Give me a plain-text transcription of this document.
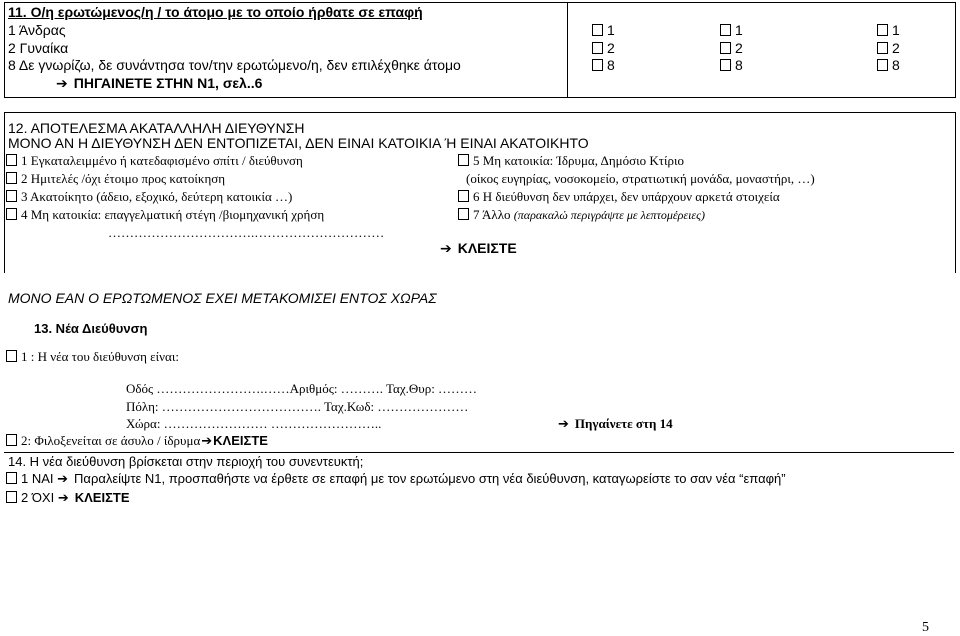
11. Ο/η ερωτώμενος/η / το άτομο με το οποίο ήρθατε σε επαφή
1 Άνδρας
2 Γυναίκα
8 Δε γνωρίζω, δε συνάντησα τον/την ερωτώμενο/η, δεν επιλέχθηκε άτομο
➔ ΠΗΓΑΙΝΕΤΕ ΣΤΗΝ Ν1, σελ..6
1
2
8
1
2
8
1
2
8
12. ΑΠΟΤΕΛΕΣΜΑ ΑΚΑΤΑΛΛΗΛΗ ΔΙΕΥΘΥΝΣΗ
ΜΟΝΟ ΑΝ Η ΔΙΕΥΘΥΝΣΗ ΔΕΝ ΕΝΤΟΠΙΖΕΤΑΙ, ΔΕΝ ΕΙΝΑΙ ΚΑΤΟΙΚΙΑ Ή ΕΙΝΑΙ ΑΚΑΤΟΙΚΗΤΟ
1 Εγκαταλειμμένο ή κατεδαφισμένο σπίτι / διεύθυνση
2 Ημιτελές /όχι έτοιμο προς κατοίκηση
3 Ακατοίκητο (άδειο, εξοχικό, δεύτερη κατοικία …)
4 Μη κατοικία: επαγγελματική στέγη /βιομηχανική χρήση
5 Μη κατοικία: Ίδρυμα, Δημόσιο Κτίριο
(οίκος ευγηρίας, νοσοκομείο, στρατιωτική μονάδα, μοναστήρι, …)
6 Η διεύθυνση δεν υπάρχει, δεν υπάρχουν αρκετά στοιχεία
7 Άλλο (παρακαλώ περιγράψτε με λεπτομέρειες)
…………………………….…………………………
➔ ΚΛΕΙΣΤΕ
ΜΟΝΟ ΕΑΝ Ο ΕΡΩΤΩΜΕΝΟΣ ΕΧΕΙ ΜΕΤΑΚΟΜΙΣΕΙ ΕΝΤΟΣ ΧΩΡΑΣ
13. Νέα Διεύθυνση
1 : Η νέα του διεύθυνση είναι:
Οδός …………………….……Αριθμός: ………. Ταχ.Θυρ: ………
Πόλη: ………………………………. Ταχ.Κωδ: …………………
Χώρα: …………………… ……………………..	➔ Πηγαίνετε στη 14
2: Φιλοξενείται σε άσυλο / ίδρυμα➔ΚΛΕΙΣΤΕ
14. Η νέα διεύθυνση βρίσκεται στην περιοχή του συνεντευκτή;
1 ΝΑΙ ➔ Παραλείψτε Ν1, προσπαθήστε να έρθετε σε επαφή με τον ερωτώμενο στη νέα διεύθυνση, καταγωρείστε το σαν νέα “επαφή”
2 ΌΧΙ ➔ ΚΛΕΙΣΤΕ
5
